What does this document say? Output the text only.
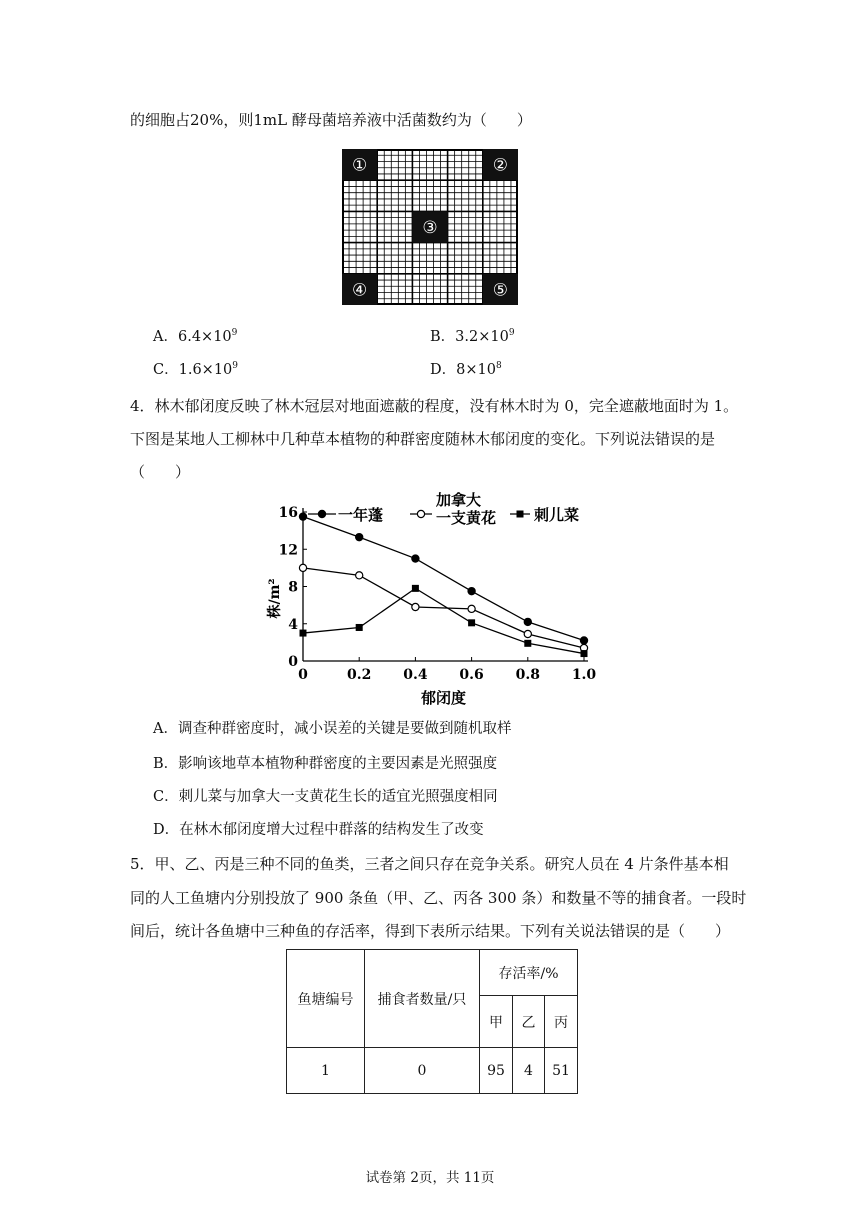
的细胞占20%，则1mL 酵母菌培养液中活菌数约为（　　）
①	②
③
④	⑤
A．$6.4\times 10^9$	B．$3.2\times 10^9$
C．$1.6\times 10^9$	D．$8\times 10^8$
4．林木郁闭度反映了林木冠层对地面遮蔽的程度，没有林木时为 0，完全遮蔽地面时为 1。
下图是某地人工柳林中几种草本植物的种群密度随林木郁闭度的变化。下列说法错误的是
（　　）
0	0.2 0.4 0.6 0.8 1.0
0
4
8
12
16
郁闭度
株/m²
一年蓬
加拿大
一支黄花	刺儿菜
A．调查种群密度时，减小误差的关键是要做到随机取样
B．影响该地草本植物种群密度的主要因素是光照强度
C．刺儿菜与加拿大一支黄花生长的适宜光照强度相同
D．在林木郁闭度增大过程中群落的结构发生了改变
5．甲、乙、丙是三种不同的鱼类，三者之间只存在竞争关系。研究人员在 4 片条件基本相
同的人工鱼塘内分别投放了 900 条鱼（甲、乙、丙各 300 条）和数量不等的捕食者。一段时
间后，统计各鱼塘中三种鱼的存活率，得到下表所示结果。下列有关说法错误的是（　　）
鱼塘编号	捕食者数量/只	存活率/%		
		甲	乙	丙
1	0	95	4	51
试卷第 2页，共 11页
